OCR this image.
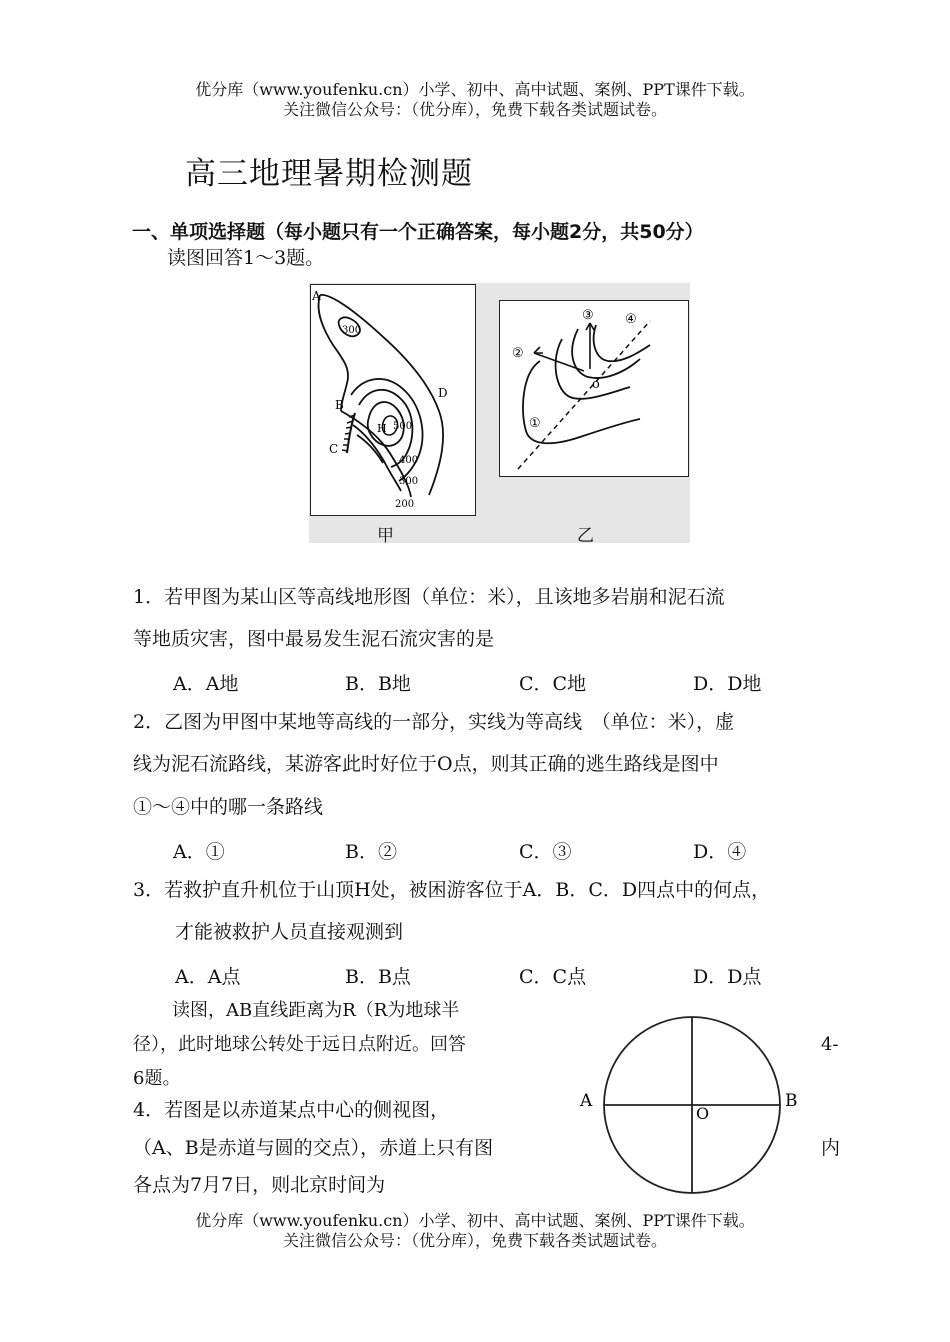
优分库（www.youfenku.cn）小学、初中、高中试题、案例、PPT课件下载。
关注微信公众号：（优分库），免费下载各类试题试卷。
高三地理暑期检测题
一、单项选择题（每小题只有一个正确答案，每小题2分，共50分）
读图回答1～3题。
A
B
C
D
H
300
500
400
300
200
甲
②
③ ④
①
o
乙
1．若甲图为某山区等高线地形图（单位：米），且该地多岩崩和泥石流
等地质灾害，图中最易发生泥石流灾害的是
A．A地	B．B地	C．C地	D．D地
2．乙图为甲图中某地等高线的一部分，实线为等高线　（单位：米），虚
线为泥石流路线，某游客此时好位于O点，则其正确的逃生路线是图中
①～④中的哪一条路线
A．①	B．②	C．③	D．④
3．若救护直升机位于山顶H处，被困游客位于A．B．C．D四点中的何点，
才能被救护人员直接观测到
A．A点	B．B点	C．C点	D．D点
读图，AB直线距离为R（R为地球半
径），此时地球公转处于远日点附近。回答	4-
6题。
4．若图是以赤道某点中心的侧视图，
（A、B是赤道与圆的交点），赤道上只有图	内
各点为7月7日，则北京时间为
A	B
O
优分库（www.youfenku.cn）小学、初中、高中试题、案例、PPT课件下载。
关注微信公众号：（优分库），免费下载各类试题试卷。
